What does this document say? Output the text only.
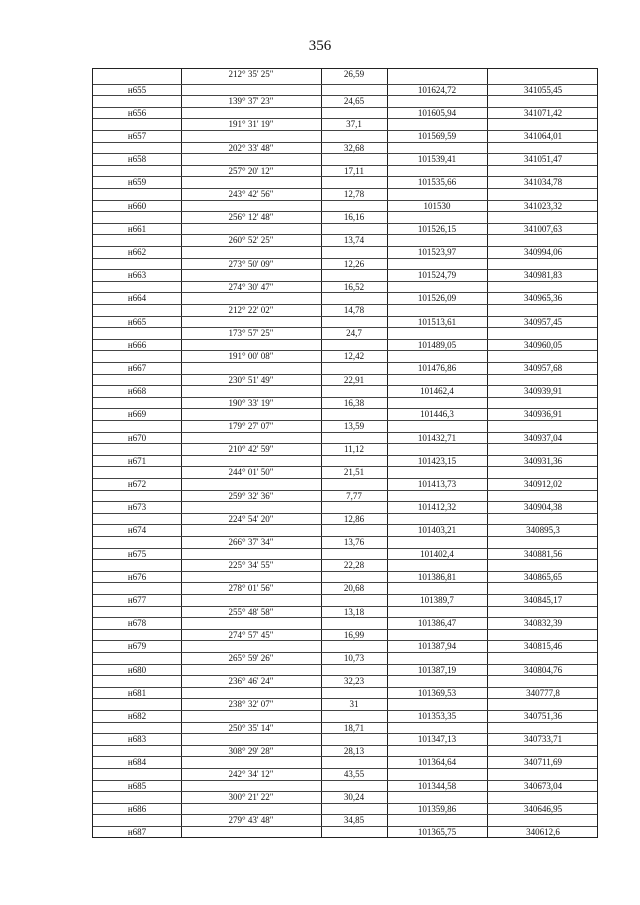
356
212° 35' 25"	26,59
н655	101624,72	341055,45
139° 37' 23"	24,65
н656	101605,94	341071,42
191° 31' 19"	37,1
н657	101569,59	341064,01
202° 33' 48"	32,68
н658	101539,41	341051,47
257° 20' 12"	17,11
н659	101535,66	341034,78
243° 42' 56"	12,78
н660	101530	341023,32
256° 12' 48"	16,16
н661	101526,15	341007,63
260° 52' 25"	13,74
н662	101523,97	340994,06
273° 50' 09"	12,26
н663	101524,79	340981,83
274° 30' 47"	16,52
н664	101526,09	340965,36
212° 22' 02"	14,78
н665	101513,61	340957,45
173° 57' 25"	24,7
н666	101489,05	340960,05
191° 00' 08"	12,42
н667	101476,86	340957,68
230° 51' 49"	22,91
н668	101462,4	340939,91
190° 33' 19"	16,38
н669	101446,3	340936,91
179° 27' 07"	13,59
н670	101432,71	340937,04
210° 42' 59"	11,12
н671	101423,15	340931,36
244° 01' 50"	21,51
н672	101413,73	340912,02
259° 32' 36"	7,77
н673	101412,32	340904,38
224° 54' 20"	12,86
н674	101403,21	340895,3
266° 37' 34"	13,76
н675	101402,4	340881,56
225° 34' 55"	22,28
н676	101386,81	340865,65
278° 01' 56"	20,68
н677	101389,7	340845,17
255° 48' 58"	13,18
н678	101386,47	340832,39
274° 57' 45"	16,99
н679	101387,94	340815,46
265° 59' 26"	10,73
н680	101387,19	340804,76
236° 46' 24"	32,23
н681	101369,53	340777,8
238° 32' 07"	31
н682	101353,35	340751,36
250° 35' 14"	18,71
н683	101347,13	340733,71
308° 29' 28"	28,13
н684	101364,64	340711,69
242° 34' 12"	43,55
н685	101344,58	340673,04
300° 21' 22"	30,24
н686	101359,86	340646,95
279° 43' 48"	34,85
н687	101365,75	340612,6
